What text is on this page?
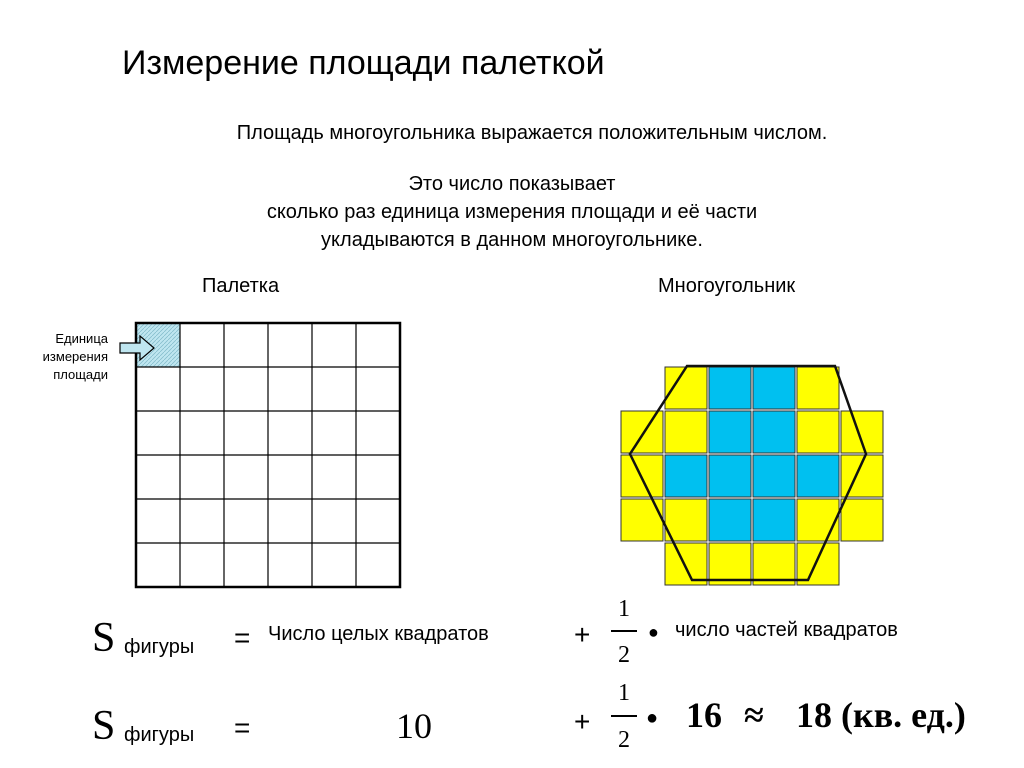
Измерение площади палеткой
Площадь многоугольника выражается положительным числом.
Это число показывает
сколько раз единица измерения площади и её части
укладываются в данном многоугольнике.
Палетка	Многоугольник
Единица
измерения
площади
S фигуры = Число целых квадратов	+
1
2
● число частей квадратов
S фигуры =	10	+
1
2
● 16 ≈ 18 (кв. ед.)
